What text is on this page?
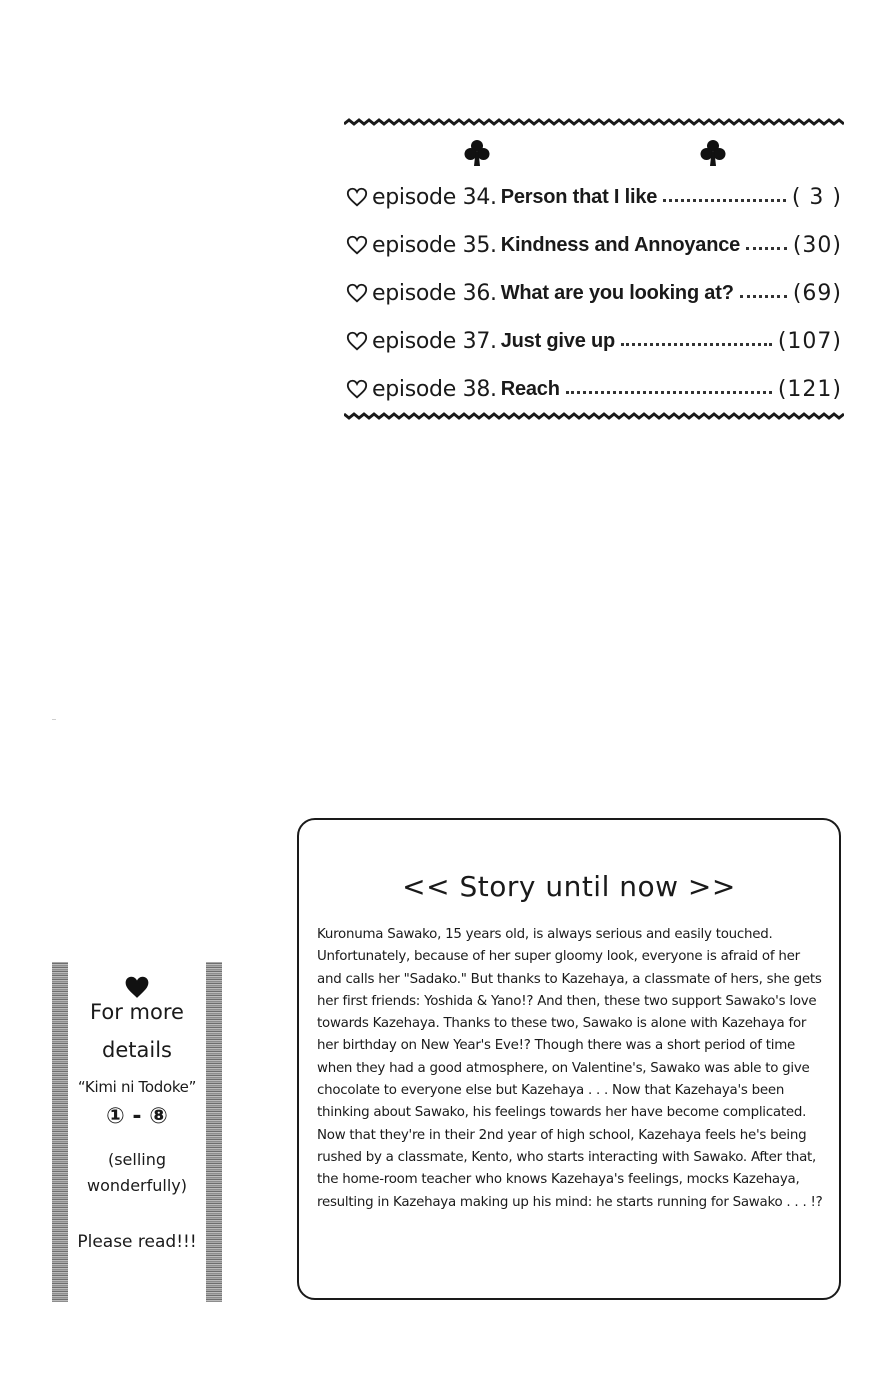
episode 34. Person that I like	( 3 )
episode 35. Kindness and Annoyance (30)
episode 36. What are you looking at?	(69)
episode 37. Just give up	(107)
episode 38. Reach	(121)
For more
details
“Kimi ni Todoke”
① - ⑧
(selling
wonderfully)
Please read!!!
<< Story until now >>
Kuronuma Sawako, 15 years old, is always serious and easily touched. Unfortunately, because of her super gloomy look, everyone is afraid of her and calls her "Sadako." But thanks to Kazehaya, a classmate of hers, she gets her first friends: Yoshida & Yano!? And then, these two support Sawako's love towards Kazehaya. Thanks to these two, Sawako is alone with Kazehaya for her birthday on New Year's Eve!? Though there was a short period of time when they had a good atmosphere, on Valentine's, Sawako was able to give chocolate to everyone else but Kazehaya . . . Now that Kazehaya's been thinking about Sawako, his feelings towards her have become complicated. Now that they're in their 2nd year of high school, Kazehaya feels he's being rushed by a classmate, Kento, who starts interacting with Sawako. After that, the home-room teacher who knows Kazehaya's feelings, mocks Kazehaya, resulting in Kazehaya making up his mind: he starts running for Sawako . . . !?
